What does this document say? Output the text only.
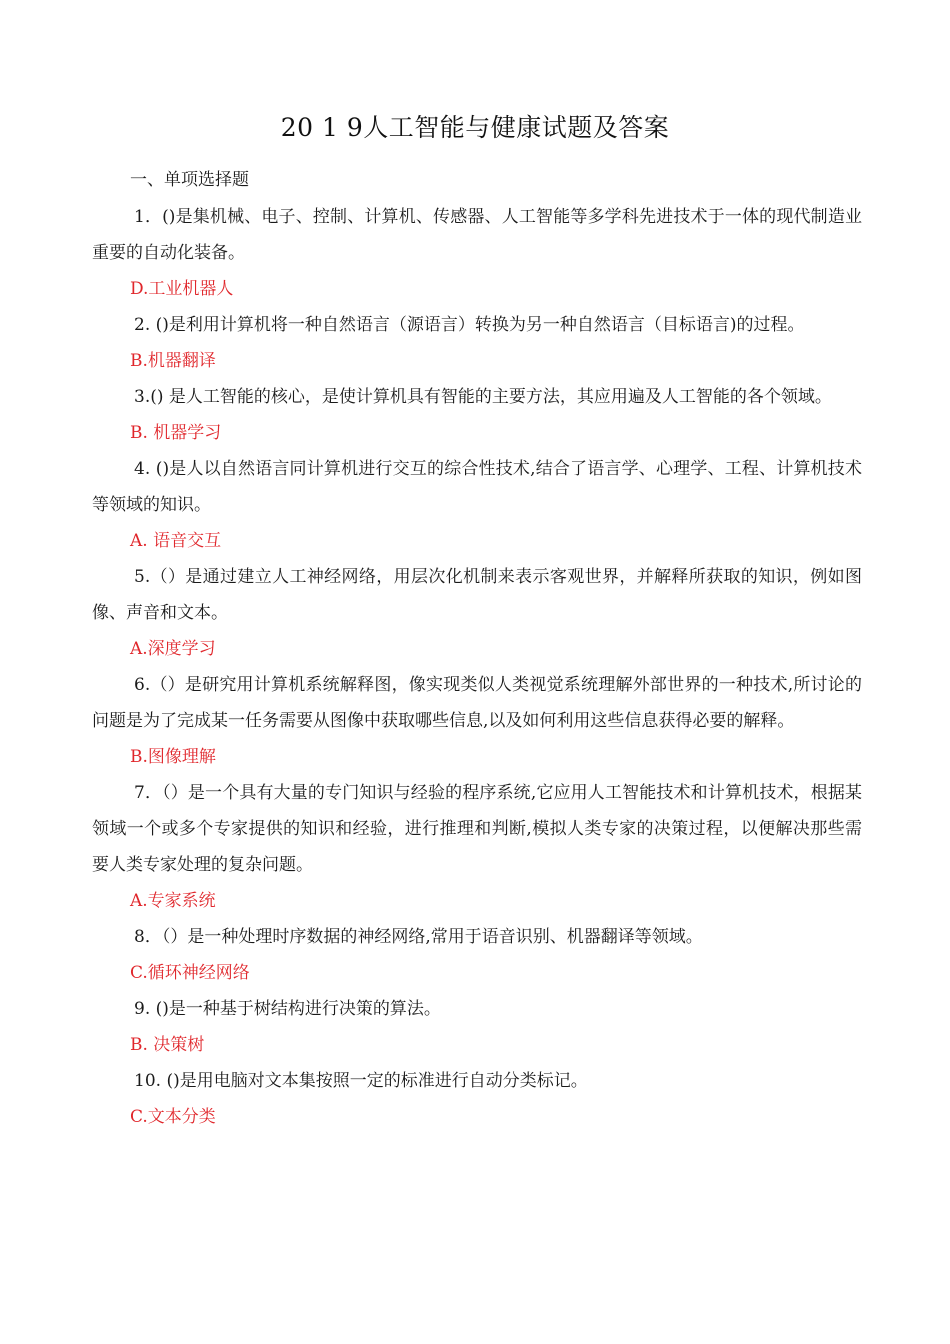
20 1 9人工智能与健康试题及答案
一、单项选择题

1．()是集机械、电子、控制、计算机、传感器、人工智能等多学科先进技术于一体的现代制造业重要的自动化装备。

D.工业机器人

2. ()是利用计算机将一种自然语言（源语言）转换为另一种自然语言（目标语言)的过程。

B.机器翻译

3.() 是人工智能的核心，是使计算机具有智能的主要方法，其应用遍及人工智能的各个领域。

B. 机器学习

4. ()是人以自然语言同计算机进行交互的综合性技术,结合了语言学、心理学、工程、计算机技术等领域的知识。

A. 语音交互

5.（）是通过建立人工神经网络，用层次化机制来表示客观世界，并解释所获取的知识，例如图像、声音和文本。

A.深度学习

6.（）是研究用计算机系统解释图，像实现类似人类视觉系统理解外部世界的一种技术,所讨论的问题是为了完成某一任务需要从图像中获取哪些信息,以及如何利用这些信息获得必要的解释。

B.图像理解

7．（）是一个具有大量的专门知识与经验的程序系统,它应用人工智能技术和计算机技术，根据某领域一个或多个专家提供的知识和经验，进行推理和判断,模拟人类专家的决策过程，以便解决那些需要人类专家处理的复杂问题。

A.专家系统

8．（）是一种处理时序数据的神经网络,常用于语音识别、机器翻译等领域。

C.循环神经网络

9. ()是一种基于树结构进行决策的算法。

B. 决策树

10. ()是用电脑对文本集按照一定的标准进行自动分类标记。

C.文本分类
